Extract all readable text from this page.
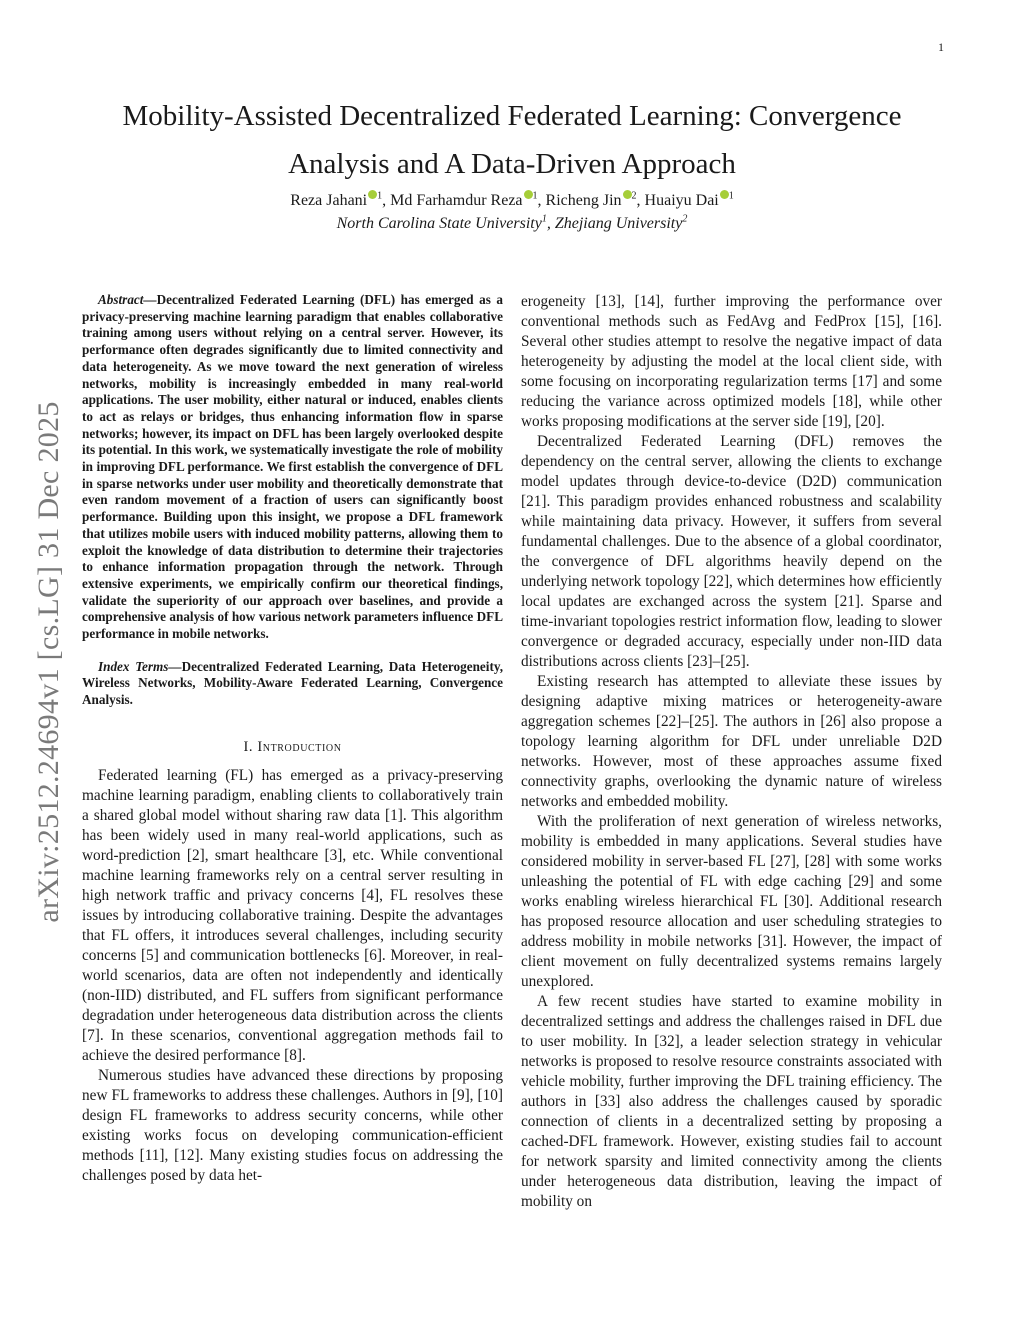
1
arXiv:2512.24694v1 [cs.LG] 31 Dec 2025
Mobility-Assisted Decentralized Federated Learning: Convergence Analysis and A Data-Driven Approach
Reza Jahani $^1$, Md Farhamdur Reza $^1$, Richeng Jin $^2$, Huaiyu Dai $^1$
North Carolina State University$^1$, Zhejiang University$^2$

Abstract—Decentralized Federated Learning (DFL) has emerged as a privacy-preserving machine learning paradigm that enables collaborative training among users without relying on a central server. However, its performance often degrades significantly due to limited connectivity and data heterogeneity. As we move toward the next generation of wireless networks, mobility is increasingly embedded in many real-world applications. The user mobility, either natural or induced, enables clients to act as relays or bridges, thus enhancing information flow in sparse networks; however, its impact on DFL has been largely overlooked despite its potential. In this work, we systematically investigate the role of mobility in improving DFL performance. We first establish the convergence of DFL in sparse networks under user mobility and theoretically demonstrate that even random movement of a fraction of users can significantly boost performance. Building upon this insight, we propose a DFL framework that utilizes mobile users with induced mobility patterns, allowing them to exploit the knowledge of data distribution to determine their trajectories to enhance information propagation through the network. Through extensive experiments, we empirically confirm our theoretical findings, validate the superiority of our approach over baselines, and provide a comprehensive analysis of how various network parameters influence DFL performance in mobile networks.

Index Terms—Decentralized Federated Learning, Data Heterogeneity, Wireless Networks, Mobility-Aware Federated Learning, Convergence Analysis.

I. Introduction

Federated learning (FL) has emerged as a privacy-preserving machine learning paradigm, enabling clients to collaboratively train a shared global model without sharing raw data [1]. This algorithm has been widely used in many real-world applications, such as word-prediction [2], smart healthcare [3], etc. While conventional machine learning frameworks rely on a central server resulting in high network traffic and privacy concerns [4], FL resolves these issues by introducing collaborative training. Despite the advantages that FL offers, it introduces several challenges, including security concerns [5] and communication bottlenecks [6]. Moreover, in real-world scenarios, data are often not independently and identically (non-IID) distributed, and FL suffers from significant performance degradation under heterogeneous data distribution across the clients [7]. In these scenarios, conventional aggregation methods fail to achieve the desired performance [8].

Numerous studies have advanced these directions by proposing new FL frameworks to address these challenges. Authors in [9], [10] design FL frameworks to address security concerns, while other existing works focus on developing communication-efficient methods [11], [12]. Many existing studies focus on addressing the challenges posed by data het-

erogeneity [13], [14], further improving the performance over conventional methods such as FedAvg and FedProx [15], [16]. Several other studies attempt to resolve the negative impact of data heterogeneity by adjusting the model at the local client side, with some focusing on incorporating regularization terms [17] and some reducing the variance across optimized models [18], while other works proposing modifications at the server side [19], [20].

Decentralized Federated Learning (DFL) removes the dependency on the central server, allowing the clients to exchange model updates through device-to-device (D2D) communication [21]. This paradigm provides enhanced robustness and scalability while maintaining data privacy. However, it suffers from several fundamental challenges. Due to the absence of a global coordinator, the convergence of DFL algorithms heavily depend on the underlying network topology [22], which determines how efficiently local updates are exchanged across the system [21]. Sparse and time-invariant topologies restrict information flow, leading to slower convergence or degraded accuracy, especially under non-IID data distributions across clients [23]–[25].

Existing research has attempted to alleviate these issues by designing adaptive mixing matrices or heterogeneity-aware aggregation schemes [22]–[25]. The authors in [26] also propose a topology learning algorithm for DFL under unreliable D2D networks. However, most of these approaches assume fixed connectivity graphs, overlooking the dynamic nature of wireless networks and embedded mobility.

With the proliferation of next generation of wireless networks, mobility is embedded in many applications. Several studies have considered mobility in server-based FL [27], [28] with some works unleashing the potential of FL with edge caching [29] and some works enabling wireless hierarchical FL [30]. Additional research has proposed resource allocation and user scheduling strategies to address mobility in mobile networks [31]. However, the impact of client movement on fully decentralized systems remains largely unexplored.

A few recent studies have started to examine mobility in decentralized settings and address the challenges raised in DFL due to user mobility. In [32], a leader selection strategy in vehicular networks is proposed to resolve resource constraints associated with vehicle mobility, further improving the DFL training efficiency. The authors in [33] also address the challenges caused by sporadic connection of clients in a decentralized setting by proposing a cached-DFL framework. However, existing studies fail to account for network sparsity and limited connectivity among the clients under heterogeneous data distribution, leaving the impact of mobility on
